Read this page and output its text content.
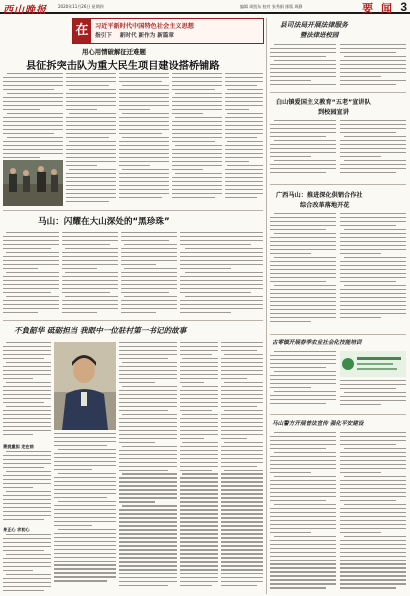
西山晚报	2020年11月26日 星期四	编辑 周凯东 校对 张秀娟 排版 周静	要 闻 3
在	习近平新时代中国特色社会主义思想
指引下 新时代 新作为 新篇章
用心用情破解征迁难题
县征拆突击队为重大民生项目建设搭桥铺路
马山：闪耀在大山深处的“黑珍珠”
不負韶华 砥砺担当 我眼中一位驻村第一书记的故事
勇挑重担 走在前
身正心 求初心
县司法局开展法律服务
暨法律进校园
白山镇爱国主义教育“五老”宣讲队
到校园宣讲
广西马山：推进深化供销合作社
综合改革落地开花
古零镇开展春季农业社会化技能培训
马山警方开展普法宣传 强化平安建设
